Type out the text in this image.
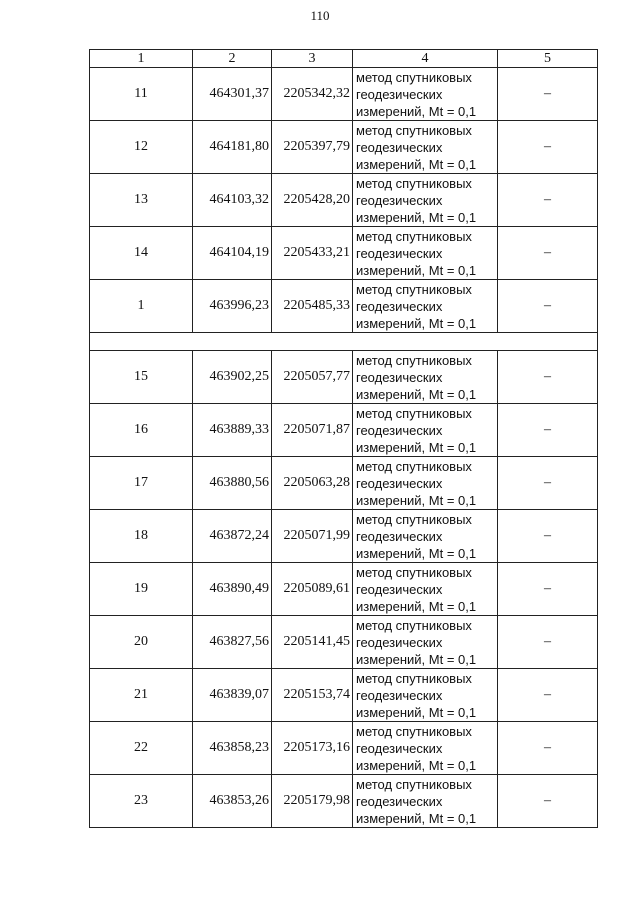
110
1	2	3	4	5
11	464301,37	2205342,32	метод спутниковых
геодезических
измерений, Mt = 0,1	–
12	464181,80	2205397,79	метод спутниковых
геодезических
измерений, Mt = 0,1	–
13	464103,32	2205428,20	метод спутниковых
геодезических
измерений, Mt = 0,1	–
14	464104,19	2205433,21	метод спутниковых
геодезических
измерений, Mt = 0,1	–
1	463996,23	2205485,33	метод спутниковых
геодезических
измерений, Mt = 0,1	–

15	463902,25	2205057,77	метод спутниковых
геодезических
измерений, Mt = 0,1	–
16	463889,33	2205071,87	метод спутниковых
геодезических
измерений, Mt = 0,1	–
17	463880,56	2205063,28	метод спутниковых
геодезических
измерений, Mt = 0,1	–
18	463872,24	2205071,99	метод спутниковых
геодезических
измерений, Mt = 0,1	–
19	463890,49	2205089,61	метод спутниковых
геодезических
измерений, Mt = 0,1	–
20	463827,56	2205141,45	метод спутниковых
геодезических
измерений, Mt = 0,1	–
21	463839,07	2205153,74	метод спутниковых
геодезических
измерений, Mt = 0,1	–
22	463858,23	2205173,16	метод спутниковых
геодезических
измерений, Mt = 0,1	–
23	463853,26	2205179,98	метод спутниковых
геодезических
измерений, Mt = 0,1	–
